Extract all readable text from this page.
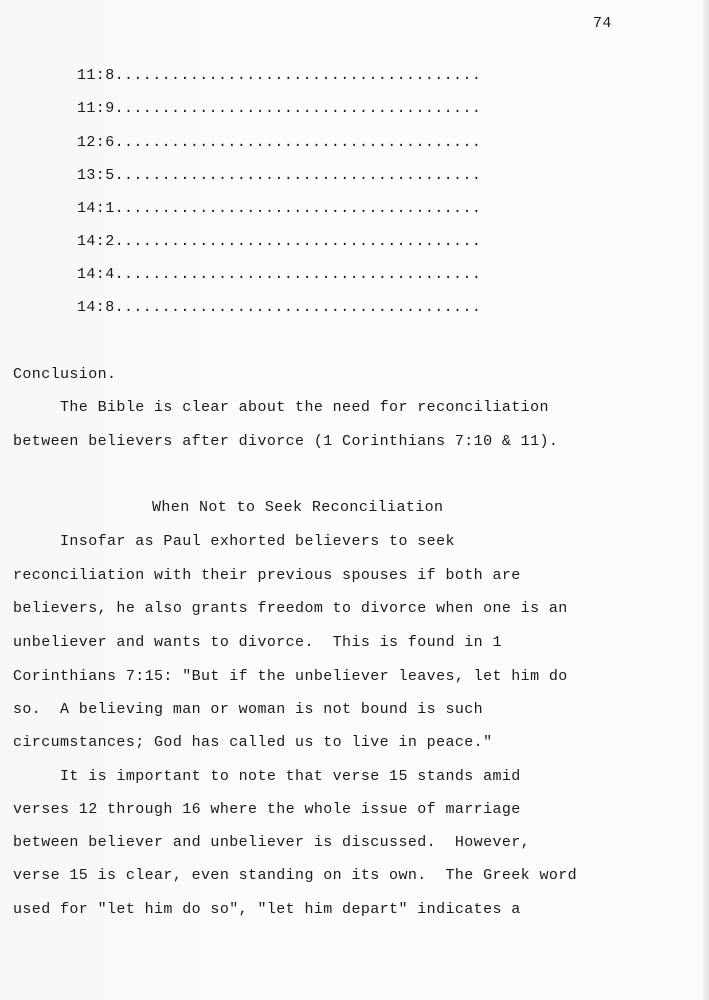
74
11:8.......................................
11:9.......................................
12:6.......................................
13:5.......................................
14:1.......................................
14:2.......................................
14:4.......................................
14:8.......................................
Conclusion.
The Bible is clear about the need for reconciliation
between believers after divorce (1 Corinthians 7:10 & 11).
When Not to Seek Reconciliation
Insofar as Paul exhorted believers to seek
reconciliation with their previous spouses if both are
believers, he also grants freedom to divorce when one is an
unbeliever and wants to divorce.  This is found in 1
Corinthians 7:15: "But if the unbeliever leaves, let him do
so.  A believing man or woman is not bound is such
circumstances; God has called us to live in peace."
It is important to note that verse 15 stands amid
verses 12 through 16 where the whole issue of marriage
between believer and unbeliever is discussed.  However,
verse 15 is clear, even standing on its own.  The Greek word
used for "let him do so", "let him depart" indicates a
